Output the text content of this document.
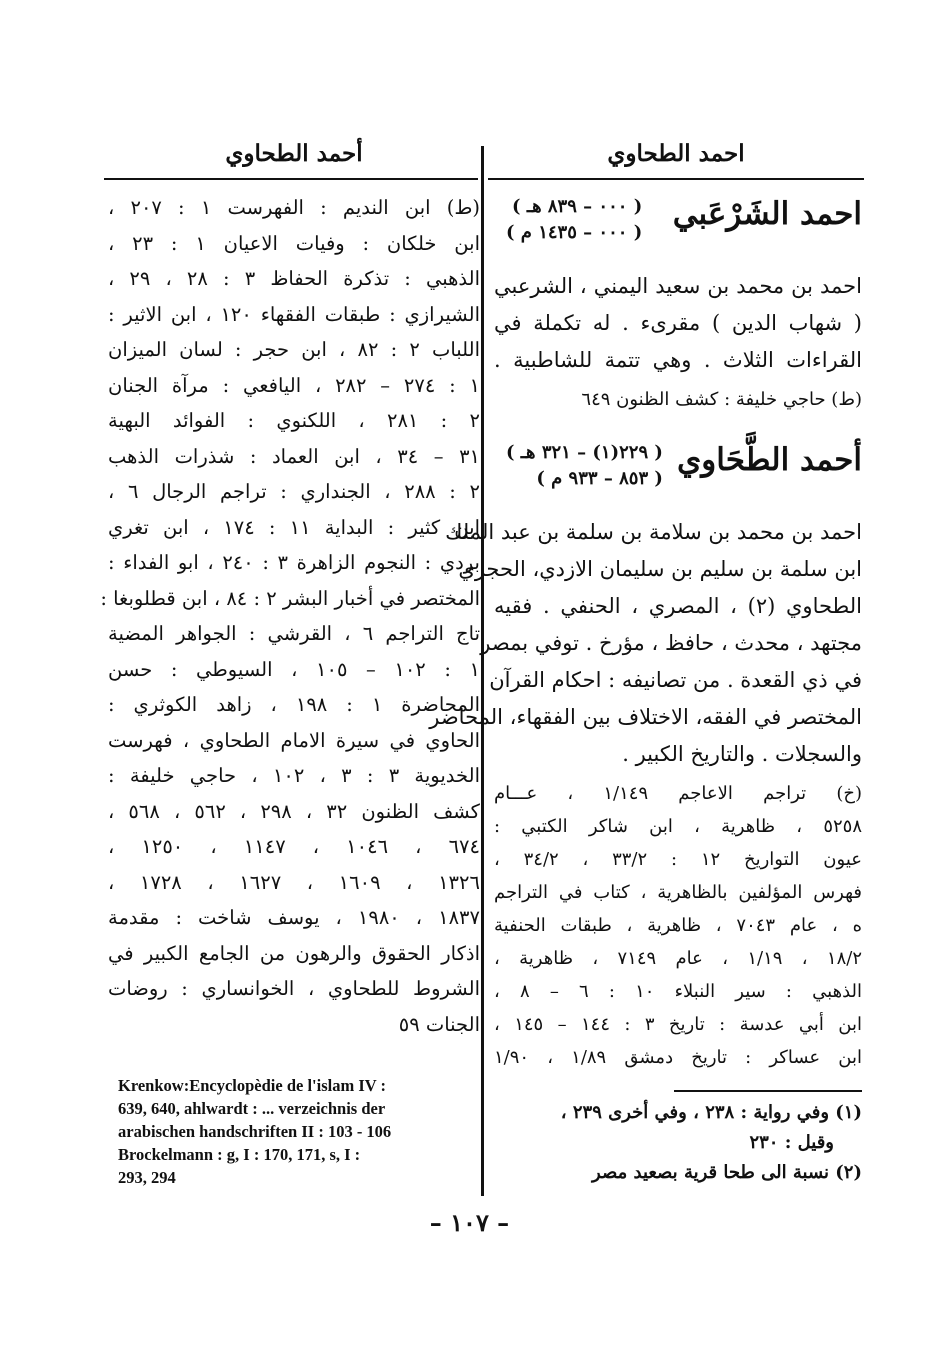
احمد الطحاوي
أحمد الطحاوي
احمد الشَرْعَبي
( ٠٠٠ – ٨٣٩ هـ )
( ٠٠٠ – ١٤٣٥ م )
احمد بن محمد بن سعيد اليمني ، الشرعبي
( شهاب الدين ) مقرىء . له تكملة في
القراءات الثلاث . وهي تتمة للشاطبية .
(ط) حاجي خليفة : كشف الظنون ٦٤٩
أحمد الطَّحَاوي
( ٢٢٩(١) – ٣٢١ هـ )
( ٨٥٣ – ٩٣٣ م )
احمد بن محمد بن سلامة بن سلمة بن عبد الملك
ابن سلمة بن سليم بن سليمان الازدي، الحجري
الطحاوي (٢) ، المصري ، الحنفي . فقيه
مجتهد ، محدث ، حافظ ، مؤرخ . توفي بمصر
في ذي القعدة . من تصانيفه : احكام القرآن
المختصر في الفقه، الاختلاف بين الفقهاء، المحاضر
والسجلات . والتاريخ الكبير .
(خ) تراجم الاعاجم ١/١٤٩ ، عـــام
٥٢٥٨ ، ظاهرية ، ابن شاكر الكتبي :
عيون التواريخ ١٢ : ٣٣/٢ ، ٣٤/٢ ،
فهرس المؤلفين بالظاهرية ، كتاب في التراجم
ه ، عام ٧٠٤٣ ، ظاهرية ، طبقات الحنفية
١٨/٢ ، ١/١٩ ، عام ٧١٤٩ ، ظاهرية ،
الذهبي : سير النبلاء ١٠ : ٦ – ٨ ،
ابن أبي عدسة : تاريخ ٣ : ١٤٤ – ١٤٥ ،
ابن عساكر : تاريخ دمشق ١/٨٩ ، ١/٩٠
(١) وفي رواية : ٢٣٨ ، وفي أخرى ٢٣٩ ،
وقيل : ٢٣٠
(٢) نسبة الى طحا قرية بصعيد مصر
(ط) ابن النديم : الفهرست ١ : ٢٠٧ ،
ابن خلكان : وفيات الاعيان ١ : ٢٣ ،
الذهبي : تذكرة الحفاظ ٣ : ٢٨ ، ٢٩ ،
الشيرازي : طبقات الفقهاء ١٢٠ ، ابن الاثير :
اللباب ٢ : ٨٢ ، ابن حجر : لسان الميزان
١ : ٢٧٤ – ٢٨٢ ، اليافعي : مرآة الجنان
٢ : ٢٨١ ، اللكنوي : الفوائد البهية
٣١ – ٣٤ ، ابن العماد : شذرات الذهب
٢ : ٢٨٨ ، الجنداري : تراجم الرجال ٦ ،
ابن كثير : البداية ١١ : ١٧٤ ، ابن تغري
بردي : النجوم الزاهرة ٣ : ٢٤٠ ، ابو الفداء :
المختصر في أخبار البشر ٢ : ٨٤ ، ابن قطلوبغا :
تاج التراجم ٦ ، القرشي : الجواهر المضية
١ : ١٠٢ – ١٠٥ ، السيوطي : حسن
المحاضرة ١ : ١٩٨ ، زاهد الكوثري :
الحاوي في سيرة الامام الطحاوي ، فهرست
الخديوية ٣ : ٣ ، ١٠٢ ، حاجي خليفة :
كشف الظنون ٣٢ ، ٢٩٨ ، ٥٦٢ ، ٥٦٨ ،
٦٧٤ ، ١٠٤٦ ، ١١٤٧ ، ١٢٥٠ ،
١٣٢٦ ، ١٦٠٩ ، ١٦٢٧ ، ١٧٢٨ ،
١٨٣٧ ، ١٩٨٠ ، يوسف شاخت : مقدمة
اذكار الحقوق والرهون من الجامع الكبير في
الشروط للطحاوي ، الخوانساري : روضات
الجنات ٥٩
Krenkow:Encyclopèdie de l'islam IV :
639, 640, ahlwardt : ... verzeichnis der
arabischen handschriften II : 103 - 106
Brockelmann : g, I : 170, 171, s, I :
293, 294
– ١٠٧ –
